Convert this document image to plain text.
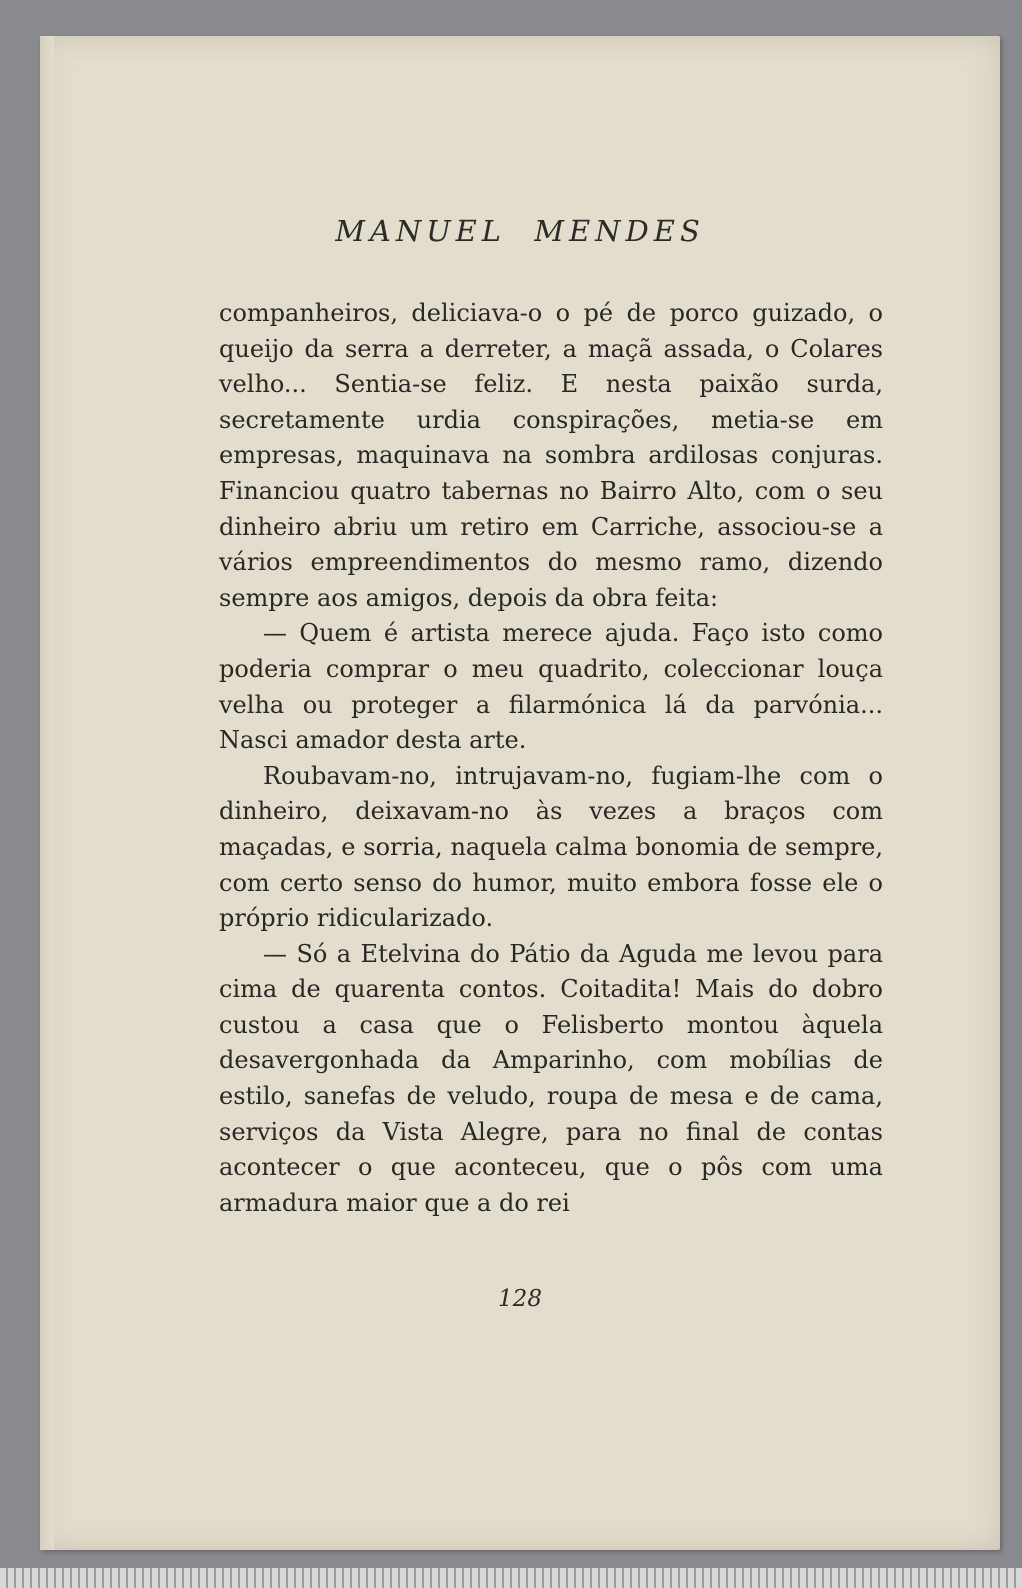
MANUEL MENDES

companheiros, deliciava-o o pé de porco guizado, o queijo da serra a derreter, a maçã assada, o Colares velho... Sentia-se feliz. E nesta paixão surda, secretamente urdia conspirações, metia-se em empresas, maquinava na sombra ardilosas conjuras. Financiou quatro tabernas no Bairro Alto, com o seu dinheiro abriu um retiro em Carriche, associou-se a vários empreendimentos do mesmo ramo, dizendo sempre aos amigos, depois da obra feita:

— Quem é artista merece ajuda. Faço isto como poderia comprar o meu quadrito, coleccionar louça velha ou proteger a filarmónica lá da parvónia... Nasci amador desta arte.

Roubavam-no, intrujavam-no, fugiam-lhe com o dinheiro, deixavam-no às vezes a braços com maçadas, e sorria, naquela calma bonomia de sempre, com certo senso do humor, muito embora fosse ele o próprio ridicularizado.

— Só a Etelvina do Pátio da Aguda me levou para cima de quarenta contos. Coitadita! Mais do dobro custou a casa que o Felisberto montou àquela desavergonhada da Amparinho, com mobílias de estilo, sanefas de veludo, roupa de mesa e de cama, serviços da Vista Alegre, para no final de contas acontecer o que aconteceu, que o pôs com uma armadura maior que a do rei

128
